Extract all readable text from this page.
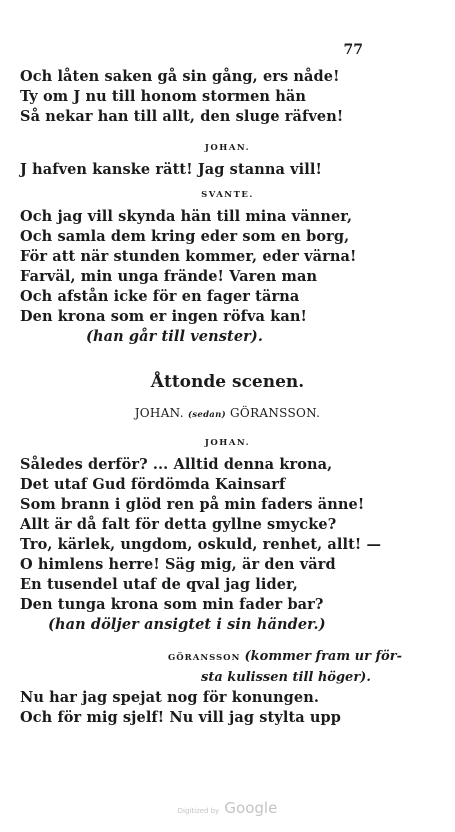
77
Och låten saken gå sin gång, ers nåde!
Ty om J nu till honom stormen hän
Så nekar han till allt, den sluge räfven!
JOHAN.
J hafven kanske rätt! Jag stanna vill!
SVANTE.
Och jag vill skynda hän till mina vänner,
Och samla dem kring eder som en borg,
För att när stunden kommer, eder värna!
Farväl, min unga frände! Varen man
Och afstån icke för en fager tärna
Den krona som er ingen röfva kan!
(han går till venster).
Åttonde scenen.
JOHAN. (sedan) GÖRANSSON.
JOHAN.
Således derför? ... Alltid denna krona,
Det utaf Gud fördömda Kainsarf
Som brann i glöd ren på min faders änne!
Allt är då falt för detta gyllne smycke?
Tro, kärlek, ungdom, oskuld, renhet, allt! —
O himlens herre! Säg mig, är den värd
En tusendel utaf de qval jag lider,
Den tunga krona som min fader bar?
(han döljer ansigtet i sin händer.)
GÖRANSSON (kommer fram ur för-
sta kulissen till höger).
Nu har jag spejat nog för konungen.
Och för mig sjelf! Nu vill jag stylta upp
Digitized by Google
